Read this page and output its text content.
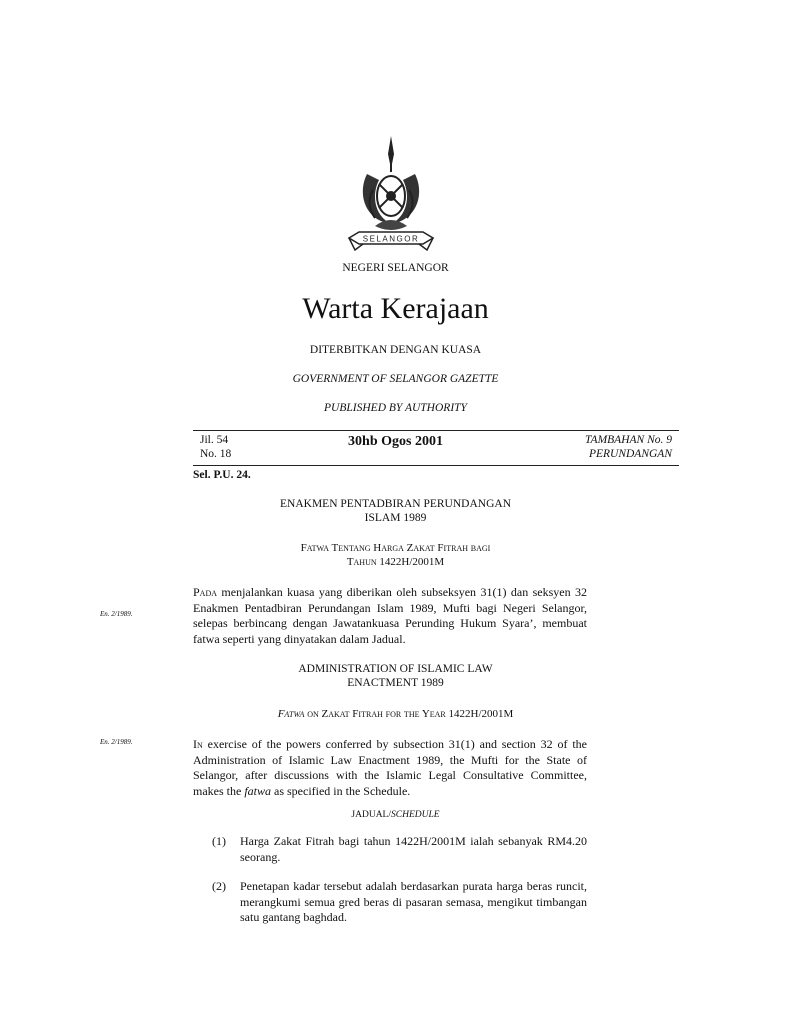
SELANGOR
NEGERI SELANGOR
Warta Kerajaan
DITERBITKAN DENGAN KUASA
GOVERNMENT OF SELANGOR GAZETTE
PUBLISHED BY AUTHORITY
Jil. 54
No. 18
30hb Ogos 2001	TAMBAHAN No. 9
PERUNDANGAN
Sel. P.U. 24.
ENAKMEN PENTADBIRAN PERUNDANGAN
ISLAM 1989
Fatwa Tentang Harga Zakat Fitrah bagi
Tahun 1422H/2001M
En. 2/1989.
Pada menjalankan kuasa yang diberikan oleh subseksyen 31(1) dan seksyen 32 Enakmen Pentadbiran Perundangan Islam 1989, Mufti bagi Negeri Selangor, selepas berbincang dengan Jawatankuasa Perunding Hukum Syara’, membuat fatwa seperti yang dinyatakan dalam Jadual.
ADMINISTRATION OF ISLAMIC LAW
ENACTMENT 1989
Fatwa on Zakat Fitrah for the Year 1422H/2001M
En. 2/1989.	In exercise of the powers conferred by subsection 31(1) and section 32 of the Administration of Islamic Law Enactment 1989, the Mufti for the State of Selangor, after discussions with the Islamic Legal Consultative Committee, makes the fatwa as specified in the Schedule.
JADUAL/SCHEDULE
(1) Harga Zakat Fitrah bagi tahun 1422H/2001M ialah sebanyak RM4.20 seorang.
(2) Penetapan kadar tersebut adalah berdasarkan purata harga beras runcit, merangkumi semua gred beras di pasaran semasa, mengikut timbangan satu gantang baghdad.
